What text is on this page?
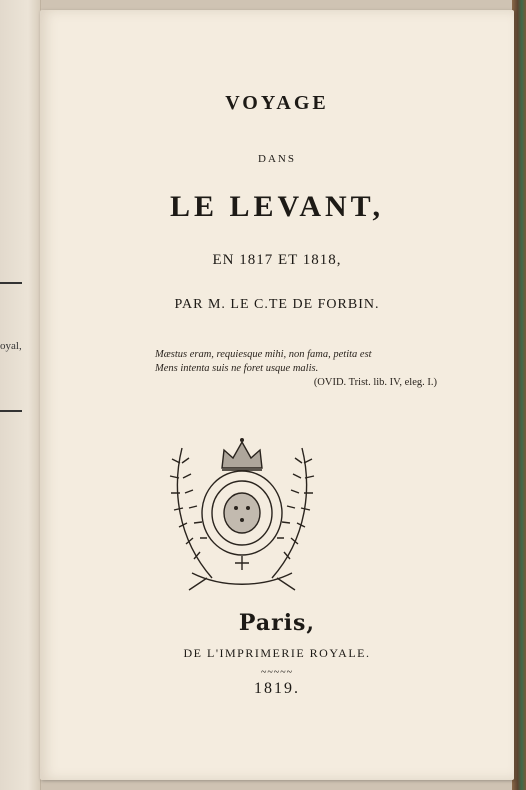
oyal,
VOYAGE
DANS
LE LEVANT,
EN 1817 ET 1818,
PAR M. LE C.TE DE FORBIN.
Mæstus eram, requiesque mihi, non fama, petita est
Mens intenta suis ne foret usque malis.
(OVID. Trist. lib. IV, eleg. I.)
Paris,
DE L'IMPRIMERIE ROYALE.
~~~~~
1819.
